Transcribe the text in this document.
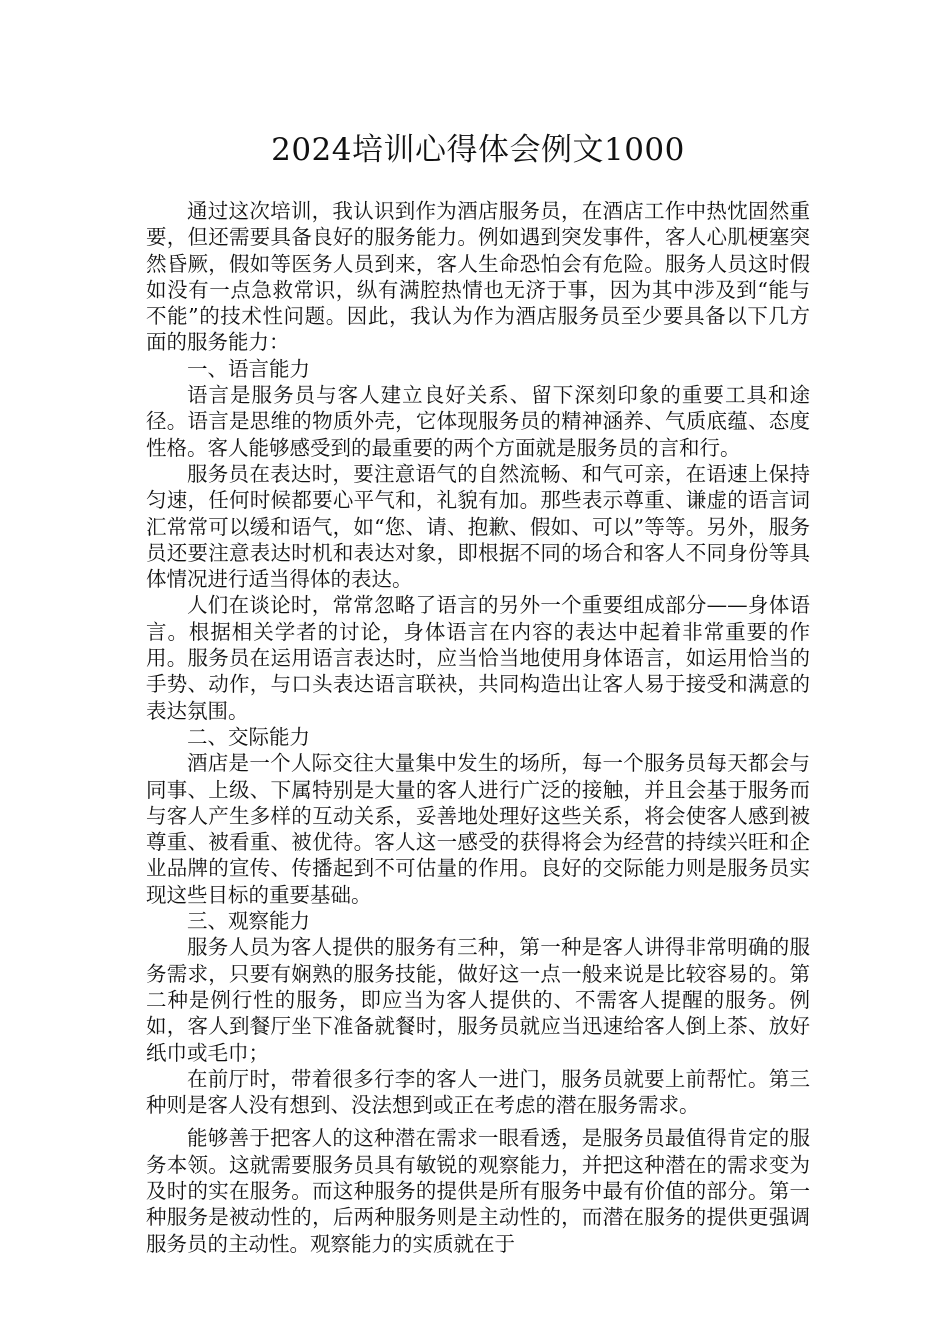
2024培训心得体会例文1000

通过这次培训，我认识到作为酒店服务员，在酒店工作中热忱固然重要，但还需要具备良好的服务能力。例如遇到突发事件，客人心肌梗塞突然昏厥，假如等医务人员到来，客人生命恐怕会有危险。服务人员这时假如没有一点急救常识，纵有满腔热情也无济于事，因为其中涉及到“能与不能”的技术性问题。因此，我认为作为酒店服务员至少要具备以下几方面的服务能力：

一、语言能力

语言是服务员与客人建立良好关系、留下深刻印象的重要工具和途径。语言是思维的物质外壳，它体现服务员的精神涵养、气质底蕴、态度性格。客人能够感受到的最重要的两个方面就是服务员的言和行。

服务员在表达时，要注意语气的自然流畅、和气可亲，在语速上保持匀速，任何时候都要心平气和，礼貌有加。那些表示尊重、谦虚的语言词汇常常可以缓和语气，如“您、请、抱歉、假如、可以”等等。另外，服务员还要注意表达时机和表达对象，即根据不同的场合和客人不同身份等具体情况进行适当得体的表达。

人们在谈论时，常常忽略了语言的另外一个重要组成部分——身体语言。根据相关学者的讨论，身体语言在内容的表达中起着非常重要的作用。服务员在运用语言表达时，应当恰当地使用身体语言，如运用恰当的手势、动作，与口头表达语言联袂，共同构造出让客人易于接受和满意的表达氛围。

二、交际能力

酒店是一个人际交往大量集中发生的场所，每一个服务员每天都会与同事、上级、下属特别是大量的客人进行广泛的接触，并且会基于服务而与客人产生多样的互动关系，妥善地处理好这些关系，将会使客人感到被尊重、被看重、被优待。客人这一感受的获得将会为经营的持续兴旺和企业品牌的宣传、传播起到不可估量的作用。良好的交际能力则是服务员实现这些目标的重要基础。

三、观察能力

服务人员为客人提供的服务有三种，第一种是客人讲得非常明确的服务需求，只要有娴熟的服务技能，做好这一点一般来说是比较容易的。第二种是例行性的服务，即应当为客人提供的、不需客人提醒的服务。例如，客人到餐厅坐下准备就餐时，服务员就应当迅速给客人倒上茶、放好纸巾或毛巾；

在前厅时，带着很多行李的客人一进门，服务员就要上前帮忙。第三种则是客人没有想到、没法想到或正在考虑的潜在服务需求。

能够善于把客人的这种潜在需求一眼看透，是服务员最值得肯定的服务本领。这就需要服务员具有敏锐的观察能力，并把这种潜在的需求变为及时的实在服务。而这种服务的提供是所有服务中最有价值的部分。第一种服务是被动性的，后两种服务则是主动性的，而潜在服务的提供更强调服务员的主动性。观察能力的实质就在于
